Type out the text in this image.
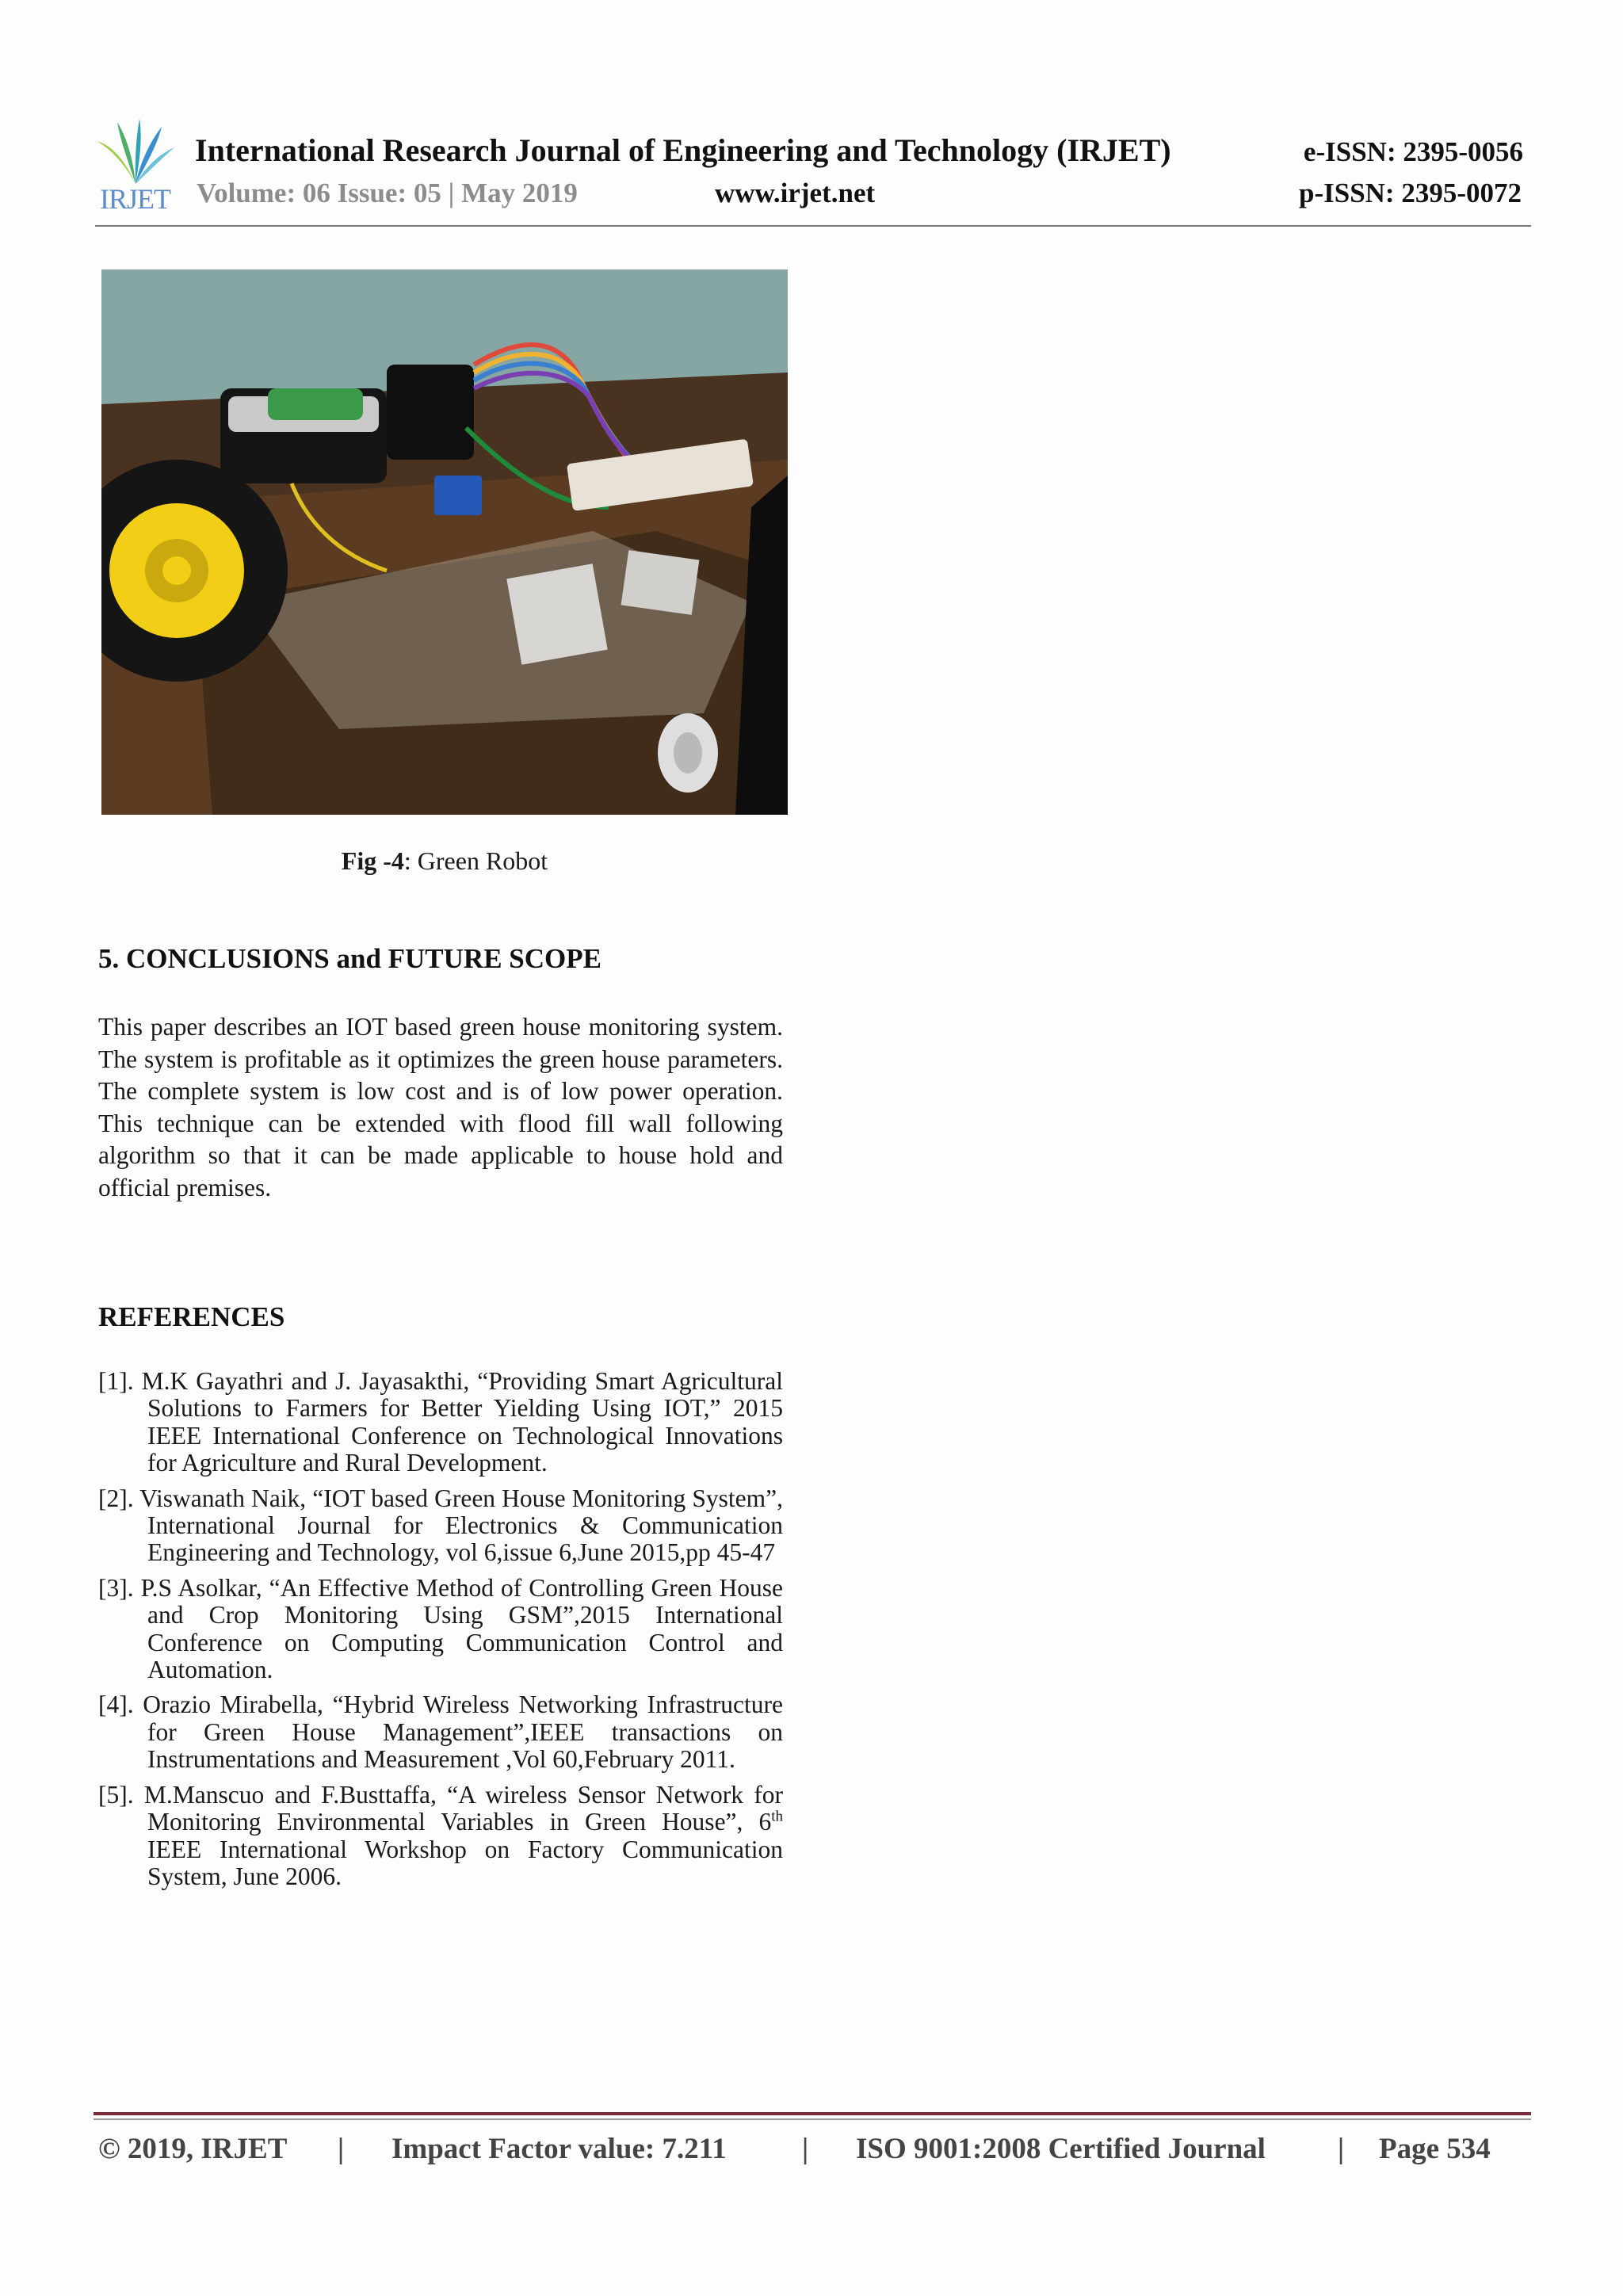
IRJET
International Research Journal of Engineering and Technology (IRJET)	e-ISSN: 2395-0056
Volume: 06 Issue: 05 | May 2019	www.irjet.net	p-ISSN: 2395-0072
Fig -4: Green Robot
5. CONCLUSIONS and FUTURE SCOPE
This paper describes an IOT based green house monitoring system. The system is profitable as it optimizes the green house parameters. The complete system is low cost and is of low power operation. This technique can be extended with flood fill wall following algorithm so that it can be made applicable to house hold and official premises.
REFERENCES
[1]. M.K Gayathri and J. Jayasakthi, “Providing Smart Agricultural Solutions to Farmers for Better Yielding Using IOT,” 2015 IEEE International Conference on Technological Innovations for Agriculture and Rural Development.
[2]. Viswanath Naik, “IOT based Green House Monitoring System”, International Journal for Electronics & Communication Engineering and Technology, vol 6,issue 6,June 2015,pp 45-47
[3]. P.S Asolkar, “An Effective Method of Controlling Green House and Crop Monitoring Using GSM”,2015 International Conference on Computing Communication Control and Automation.
[4]. Orazio Mirabella, “Hybrid Wireless Networking Infrastructure for Green House Management”,IEEE transactions on Instrumentations and Measurement ,Vol 60,February 2011.
[5]. M.Manscuo and F.Busttaffa, “A wireless Sensor Network for Monitoring Environmental Variables in Green House”, 6th IEEE International Workshop on Factory Communication System, June 2006.
© 2019, IRJET | Impact Factor value: 7.211	| ISO 9001:2008 Certified Journal | Page 534
